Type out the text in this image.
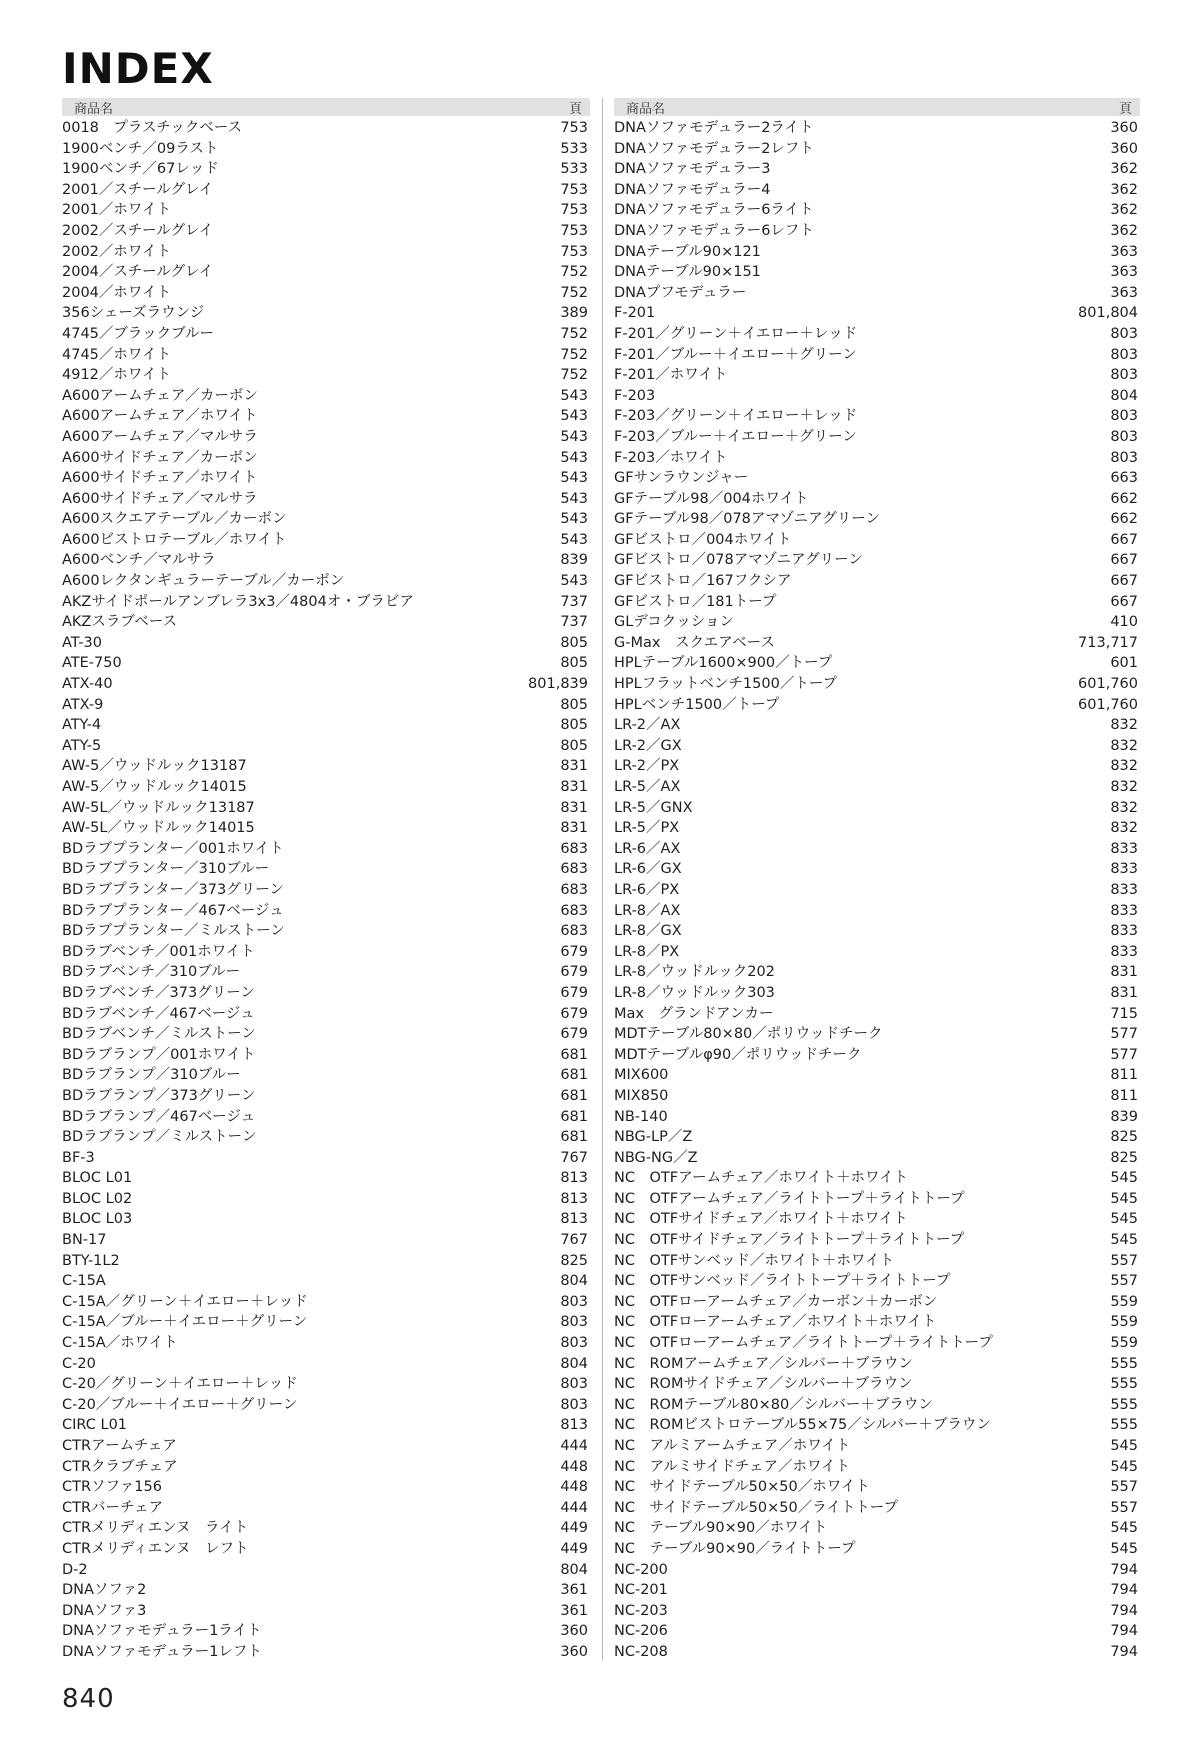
INDEX
商品名	頁
0018　プラスチックベース	753
1900ベンチ／09ラスト	533
1900ベンチ／67レッド	533
2001／スチールグレイ	753
2001／ホワイト	753
2002／スチールグレイ	753
2002／ホワイト	753
2004／スチールグレイ	752
2004／ホワイト	752
356シェーズラウンジ	389
4745／ブラックブルー	752
4745／ホワイト	752
4912／ホワイト	752
A600アームチェア／カーボン	543
A600アームチェア／ホワイト	543
A600アームチェア／マルサラ	543
A600サイドチェア／カーボン	543
A600サイドチェア／ホワイト	543
A600サイドチェア／マルサラ	543
A600スクエアテーブル／カーボン	543
A600ビストロテーブル／ホワイト	543
A600ベンチ／マルサラ	839
A600レクタンギュラーテーブル／カーボン	543
AKZサイドポールアンブレラ3x3／4804オ・ブラビア	737
AKZスラブベース	737
AT-30	805
ATE-750	805
ATX-40	801,839
ATX-9	805
ATY-4	805
ATY-5	805
AW-5／ウッドルック13187	831
AW-5／ウッドルック14015	831
AW-5L／ウッドルック13187	831
AW-5L／ウッドルック14015	831
BDラブプランター／001ホワイト	683
BDラブプランター／310ブルー	683
BDラブプランター／373グリーン	683
BDラブプランター／467ベージュ	683
BDラブプランター／ミルストーン	683
BDラブベンチ／001ホワイト	679
BDラブベンチ／310ブルー	679
BDラブベンチ／373グリーン	679
BDラブベンチ／467ベージュ	679
BDラブベンチ／ミルストーン	679
BDラブランプ／001ホワイト	681
BDラブランプ／310ブルー	681
BDラブランプ／373グリーン	681
BDラブランプ／467ベージュ	681
BDラブランプ／ミルストーン	681
BF-3	767
BLOC L01	813
BLOC L02	813
BLOC L03	813
BN-17	767
BTY-1L2	825
C-15A	804
C-15A／グリーン＋イエロー＋レッド	803
C-15A／ブルー＋イエロー＋グリーン	803
C-15A／ホワイト	803
C-20	804
C-20／グリーン＋イエロー＋レッド	803
C-20／ブルー＋イエロー＋グリーン	803
CIRC L01	813
CTRアームチェア	444
CTRクラブチェア	448
CTRソファ156	448
CTRバーチェア	444
CTRメリディエンヌ　ライト	449
CTRメリディエンヌ　レフト	449
D-2	804
DNAソファ2	361
DNAソファ3	361
DNAソファモデュラー1ライト	360
DNAソファモデュラー1レフト	360
商品名	頁
DNAソファモデュラー2ライト	360
DNAソファモデュラー2レフト	360
DNAソファモデュラー3	362
DNAソファモデュラー4	362
DNAソファモデュラー6ライト	362
DNAソファモデュラー6レフト	362
DNAテーブル90×121	363
DNAテーブル90×151	363
DNAプフモデュラー	363
F-201	801,804
F-201／グリーン＋イエロー＋レッド	803
F-201／ブルー＋イエロー＋グリーン	803
F-201／ホワイト	803
F-203	804
F-203／グリーン＋イエロー＋レッド	803
F-203／ブルー＋イエロー＋グリーン	803
F-203／ホワイト	803
GFサンラウンジャー	663
GFテーブル98／004ホワイト	662
GFテーブル98／078アマゾニアグリーン	662
GFビストロ／004ホワイト	667
GFビストロ／078アマゾニアグリーン	667
GFビストロ／167フクシア	667
GFビストロ／181トープ	667
GLデコクッション	410
G-Max　スクエアベース	713,717
HPLテーブル1600×900／トープ	601
HPLフラットベンチ1500／トープ	601,760
HPLベンチ1500／トープ	601,760
LR-2／AX	832
LR-2／GX	832
LR-2／PX	832
LR-5／AX	832
LR-5／GNX	832
LR-5／PX	832
LR-6／AX	833
LR-6／GX	833
LR-6／PX	833
LR-8／AX	833
LR-8／GX	833
LR-8／PX	833
LR-8／ウッドルック202	831
LR-8／ウッドルック303	831
Max　グランドアンカー	715
MDTテーブル80×80／ポリウッドチーク	577
MDTテーブルφ90／ポリウッドチーク	577
MIX600	811
MIX850	811
NB-140	839
NBG-LP／Z	825
NBG-NG／Z	825
NC　OTFアームチェア／ホワイト＋ホワイト	545
NC　OTFアームチェア／ライトトープ＋ライトトープ	545
NC　OTFサイドチェア／ホワイト＋ホワイト	545
NC　OTFサイドチェア／ライトトープ＋ライトトープ	545
NC　OTFサンベッド／ホワイト＋ホワイト	557
NC　OTFサンベッド／ライトトープ＋ライトトープ	557
NC　OTFローアームチェア／カーボン＋カーボン	559
NC　OTFローアームチェア／ホワイト＋ホワイト	559
NC　OTFローアームチェア／ライトトープ＋ライトトープ	559
NC　ROMアームチェア／シルバー＋ブラウン	555
NC　ROMサイドチェア／シルバー＋ブラウン	555
NC　ROMテーブル80×80／シルバー＋ブラウン	555
NC　ROMビストロテーブル55×75／シルバー＋ブラウン	555
NC　アルミアームチェア／ホワイト	545
NC　アルミサイドチェア／ホワイト	545
NC　サイドテーブル50×50／ホワイト	557
NC　サイドテーブル50×50／ライトトープ	557
NC　テーブル90×90／ホワイト	545
NC　テーブル90×90／ライトトープ	545
NC-200	794
NC-201	794
NC-203	794
NC-206	794
NC-208	794
840
